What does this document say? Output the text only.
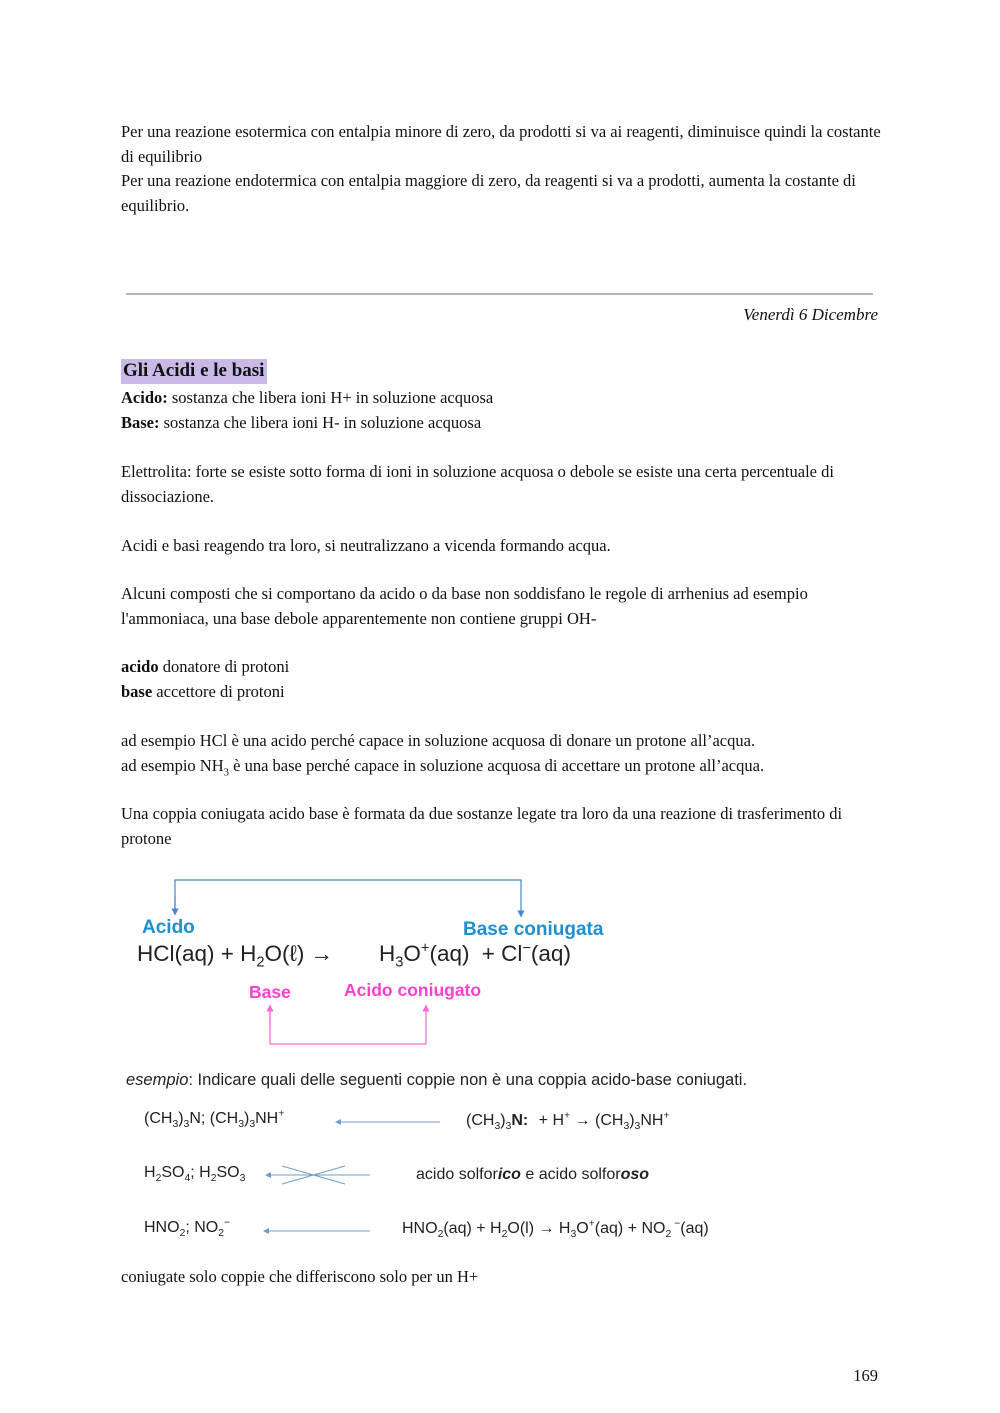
Per una reazione esotermica con entalpia minore di zero, da prodotti si va ai reagenti, diminuisce quindi la costante di equilibrio

Per una reazione endotermica con entalpia maggiore di zero, da reagenti si va a prodotti, aumenta la costante di equilibrio.

Venerdì 6 Dicembre
Gli Acidi e le basi

Acido: sostanza che libera ioni H+ in soluzione acquosa

Base: sostanza che libera ioni H- in soluzione acquosa

Elettrolita: forte se esiste sotto forma di ioni in soluzione acquosa o debole se esiste una certa percentuale di dissociazione.

Acidi e basi reagendo tra loro, si neutralizzano a vicenda formando acqua.

Alcuni composti che si comportano da acido o da base non soddisfano le regole di arrhenius ad esempio l'ammoniaca, una base debole apparentemente non contiene gruppi OH-

acido donatore di protoni

base accettore di protoni

ad esempio HCl è una acido perché capace in soluzione acquosa di donare un protone all’acqua.

ad esempio $NH_3$ è una base perché capace in soluzione acquosa di accettare un protone all’acqua.

Una coppia coniugata acido base è formata da due sostanze legate tra loro da una reazione di trasferimento di protone

Acido	Base coniugata
$HCl(aq) + H_2O(\ell) \to H_3O^+(aq) + Cl^-(aq)$
Base	Acido coniugato
esempio: Indicare quali delle seguenti coppie non è una coppia acido-base coniugati.
$(CH_3)_3N$; $(CH_3)_3NH^+$	$(CH_3)_3N$: + $H^+ \to (CH_3)_3NH^+$
$H_2SO_4$; $H_2SO_3$	acido solforico e acido solforoso
$HNO_2$; $NO_2^-$	$HNO_2(aq) + H_2O(l) \to H_3O^+(aq) + NO_2$ −(aq)

coniugate solo coppie che differiscono solo per un H+

169
